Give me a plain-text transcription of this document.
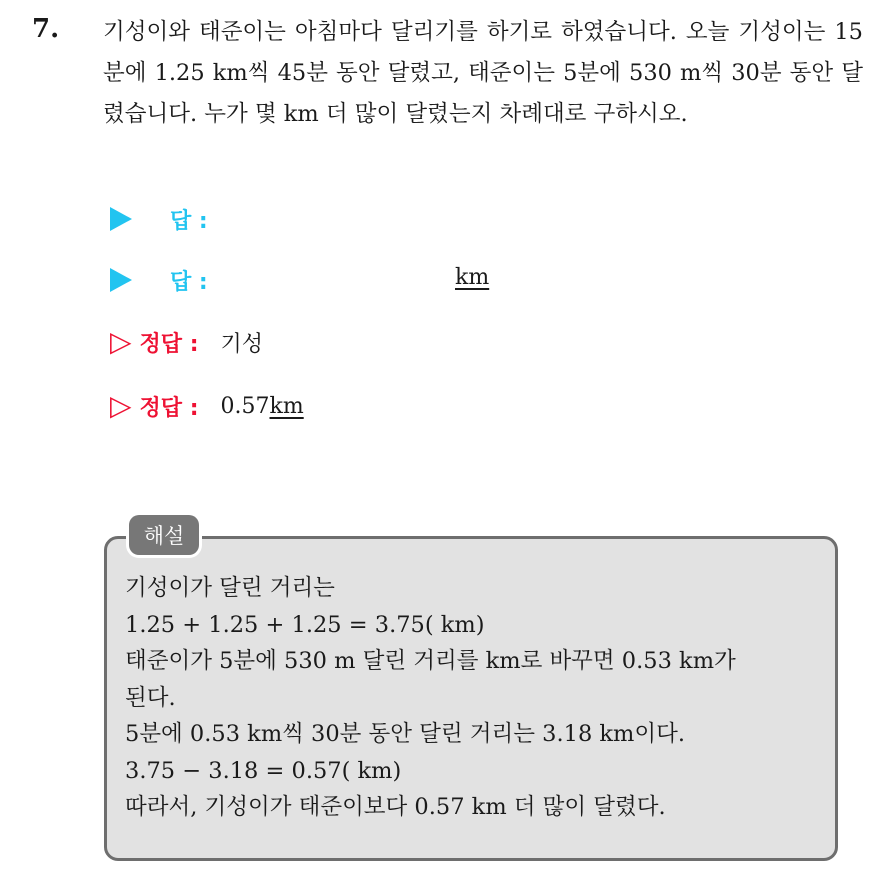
7. 기성이와 태준이는 아침마다 달리기를 하기로 하였습니다. 오늘 기성이는 15분에 1.25 km씩 45분 동안 달렸고, 태준이는 5분에 530 m씩 30분 동안 달렸습니다. 누가 몇 km 더 많이 달렸는지 차례대로 구하시오.

답 :
답 :	km
▷ 정답 : 기성
▷ 정답 : 0.57 km
해설
기성이가 달린 거리는
1.25 + 1.25 + 1.25 = 3.75( km)
태준이가 5분에 530 m 달린 거리를 km로 바꾸면 0.53 km가
된다.
5분에 0.53 km씩 30분 동안 달린 거리는 3.18 km이다.
3.75 − 3.18 = 0.57( km)
따라서, 기성이가 태준이보다 0.57 km 더 많이 달렸다.
